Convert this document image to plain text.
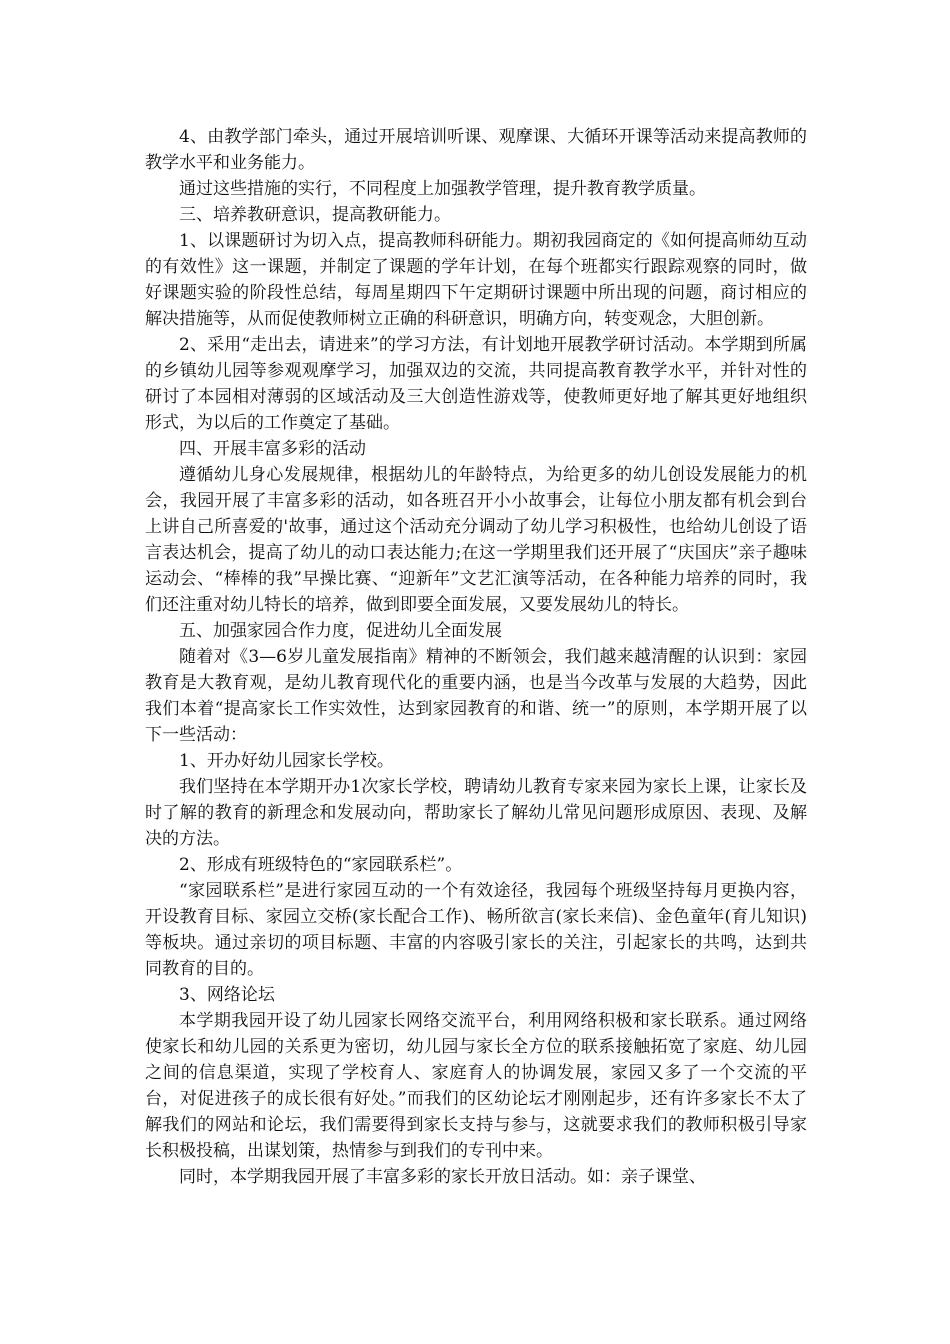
4、由教学部门牵头，通过开展培训听课、观摩课、大循环开课等活动来提高教师的教学水平和业务能力。

通过这些措施的实行，不同程度上加强教学管理，提升教育教学质量。

三、培养教研意识，提高教研能力。

1、以课题研讨为切入点，提高教师科研能力。期初我园商定的《如何提高师幼互动的有效性》这一课题，并制定了课题的学年计划，在每个班都实行跟踪观察的同时，做好课题实验的阶段性总结，每周星期四下午定期研讨课题中所出现的问题，商讨相应的解决措施等，从而促使教师树立正确的科研意识，明确方向，转变观念，大胆创新。

2、采用“走出去，请进来”的学习方法，有计划地开展教学研讨活动。本学期到所属的乡镇幼儿园等参观观摩学习，加强双边的交流，共同提高教育教学水平，并针对性的研讨了本园相对薄弱的区域活动及三大创造性游戏等，使教师更好地了解其更好地组织形式，为以后的工作奠定了基础。

四、开展丰富多彩的活动

遵循幼儿身心发展规律，根据幼儿的年龄特点，为给更多的幼儿创设发展能力的机会，我园开展了丰富多彩的活动，如各班召开小小故事会，让每位小朋友都有机会到台上讲自己所喜爱的'故事，通过这个活动充分调动了幼儿学习积极性，也给幼儿创设了语言表达机会，提高了幼儿的动口表达能力;在这一学期里我们还开展了“庆国庆”亲子趣味运动会、“棒棒的我”早操比赛、“迎新年”文艺汇演等活动，在各种能力培养的同时，我们还注重对幼儿特长的培养，做到即要全面发展，又要发展幼儿的特长。

五、加强家园合作力度，促进幼儿全面发展

随着对《3—6岁儿童发展指南》精神的不断领会，我们越来越清醒的认识到：家园教育是大教育观，是幼儿教育现代化的重要内涵，也是当今改革与发展的大趋势，因此我们本着“提高家长工作实效性，达到家园教育的和谐、统一”的原则，本学期开展了以下一些活动：

1、开办好幼儿园家长学校。

我们坚持在本学期开办1次家长学校，聘请幼儿教育专家来园为家长上课，让家长及时了解的教育的新理念和发展动向，帮助家长了解幼儿常见问题形成原因、表现、及解决的方法。

2、形成有班级特色的“家园联系栏”。

“家园联系栏”是进行家园互动的一个有效途径，我园每个班级坚持每月更换内容，开设教育目标、家园立交桥(家长配合工作)、畅所欲言(家长来信)、金色童年(育儿知识)等板块。通过亲切的项目标题、丰富的内容吸引家长的关注，引起家长的共鸣，达到共同教育的目的。

3、网络论坛

本学期我园开设了幼儿园家长网络交流平台，利用网络积极和家长联系。通过网络使家长和幼儿园的关系更为密切，幼儿园与家长全方位的联系接触拓宽了家庭、幼儿园之间的信息渠道，实现了学校育人、家庭育人的协调发展，家园又多了一个交流的平台，对促进孩子的成长很有好处。”而我们的区幼论坛才刚刚起步，还有许多家长不太了解我们的网站和论坛，我们需要得到家长支持与参与，这就要求我们的教师积极引导家长积极投稿，出谋划策，热情参与到我们的专刊中来。

同时，本学期我园开展了丰富多彩的家长开放日活动。如：亲子课堂、
